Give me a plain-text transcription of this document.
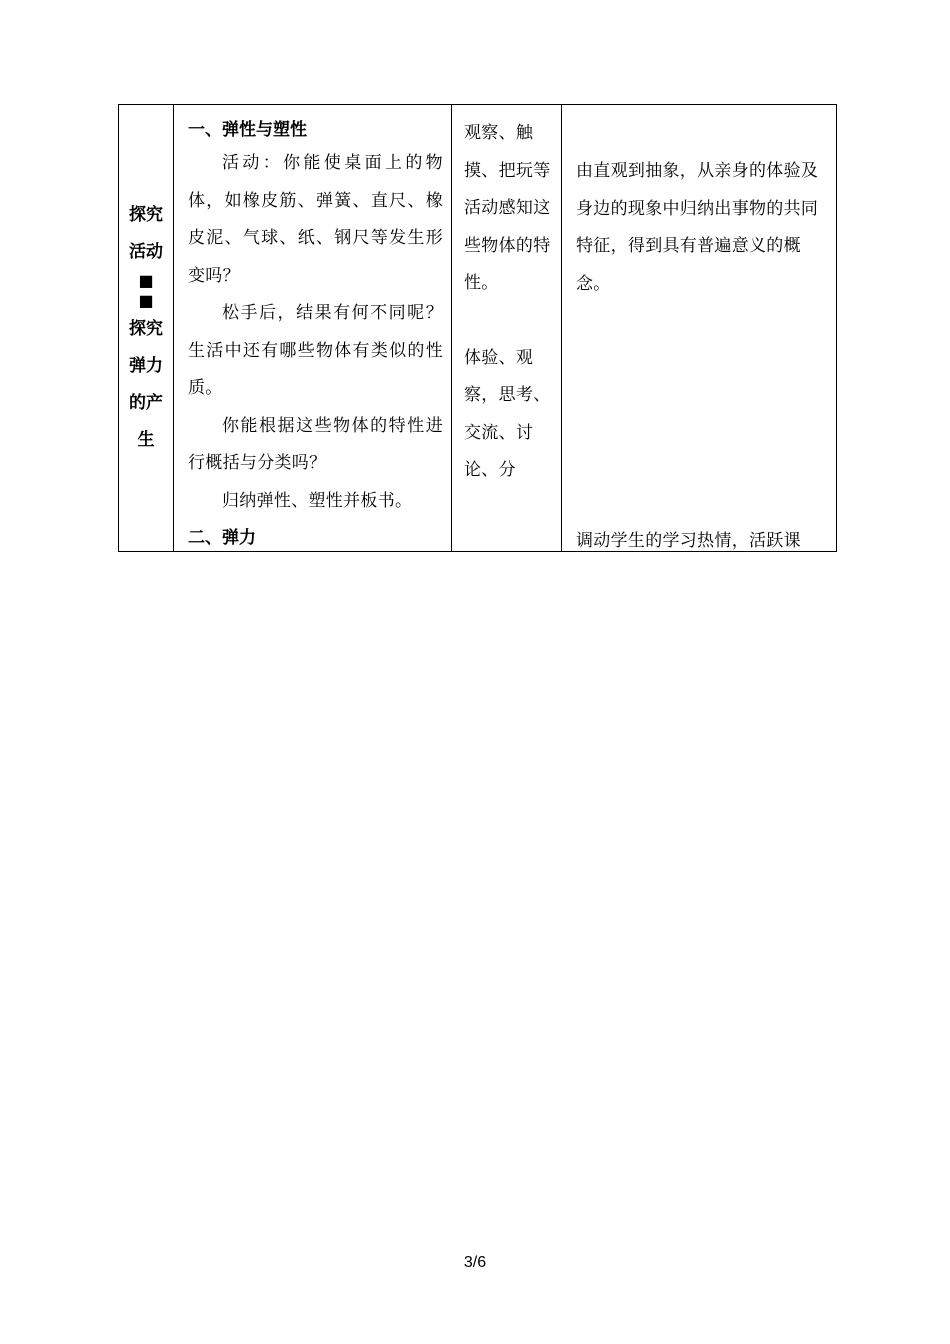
探究
活动
■
■
探究
弹力
的产
生

一、弹性与塑性

活动：你能使桌面上的物体，如橡皮筋、弹簧、直尺、橡皮泥、气球、纸、钢尺等发生形变吗？

松手后，结果有何不同呢？生活中还有哪些物体有类似的性质。

你能根据这些物体的特性进行概括与分类吗？

归纳弹性、塑性并板书。

二、弹力

观察、触摸、把玩等活动感知这些物体的特性。

体验、观察，思考、交流、讨论、分

由直观到抽象，从亲身的体验及身边的现象中归纳出事物的共同特征，得到具有普遍意义的概念。

调动学生的学习热情，活跃课

3/6
